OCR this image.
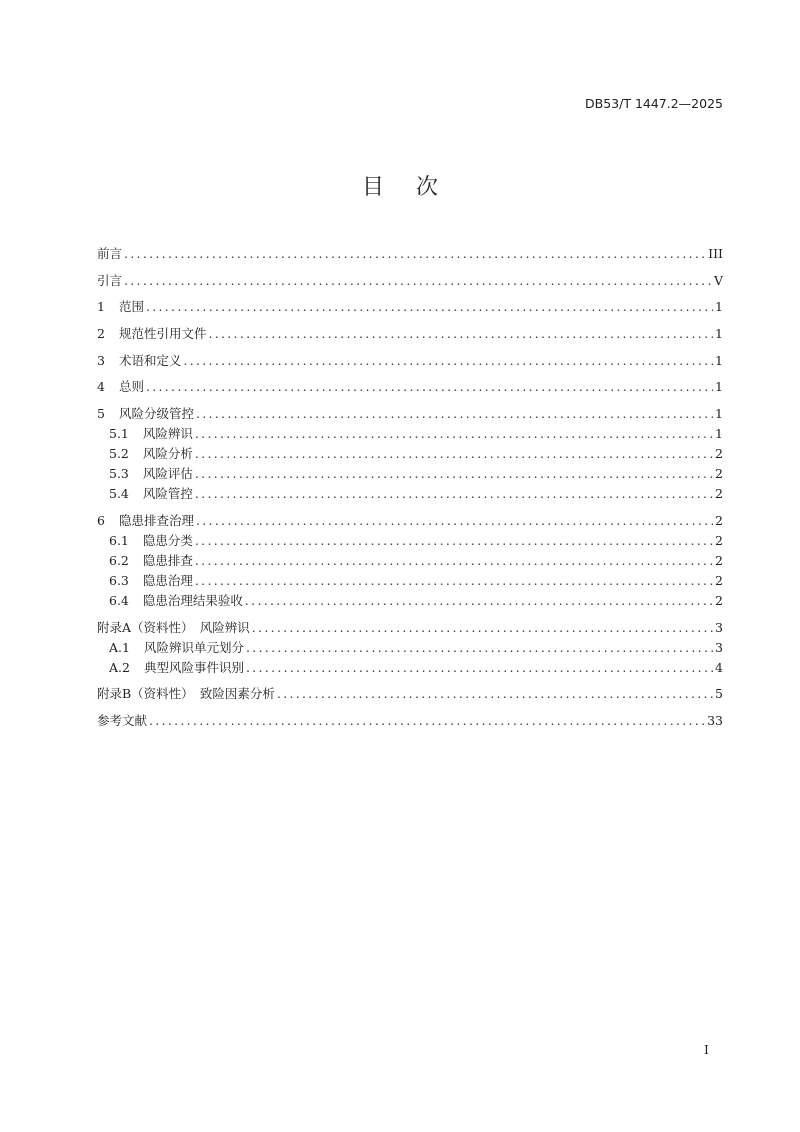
DB53/T 1447.2—2025
目次
前言 .....	III
引言 .....	V
1 范围 .....	1
2 规范性引用文件 .....	1
3 术语和定义 .....	1
4 总则 .....	1
5 风险分级管控 .....	1
5.1 风险辨识 .....	1
5.2 风险分析 .....	2
5.3 风险评估 .....	2
5.4 风险管控 .....	2
6 隐患排查治理 .....	2
6.1 隐患分类 .....	2
6.2 隐患排查 .....	2
6.3 隐患治理 .....	2
6.4 隐患治理结果验收 .....	2
附录A（资料性）　风险辨识 .....	3
A.1 风险辨识单元划分 .....	3
A.2 典型风险事件识别 .....	4
附录B（资料性）　致险因素分析 .....	5
参考文献 .....	33
I
